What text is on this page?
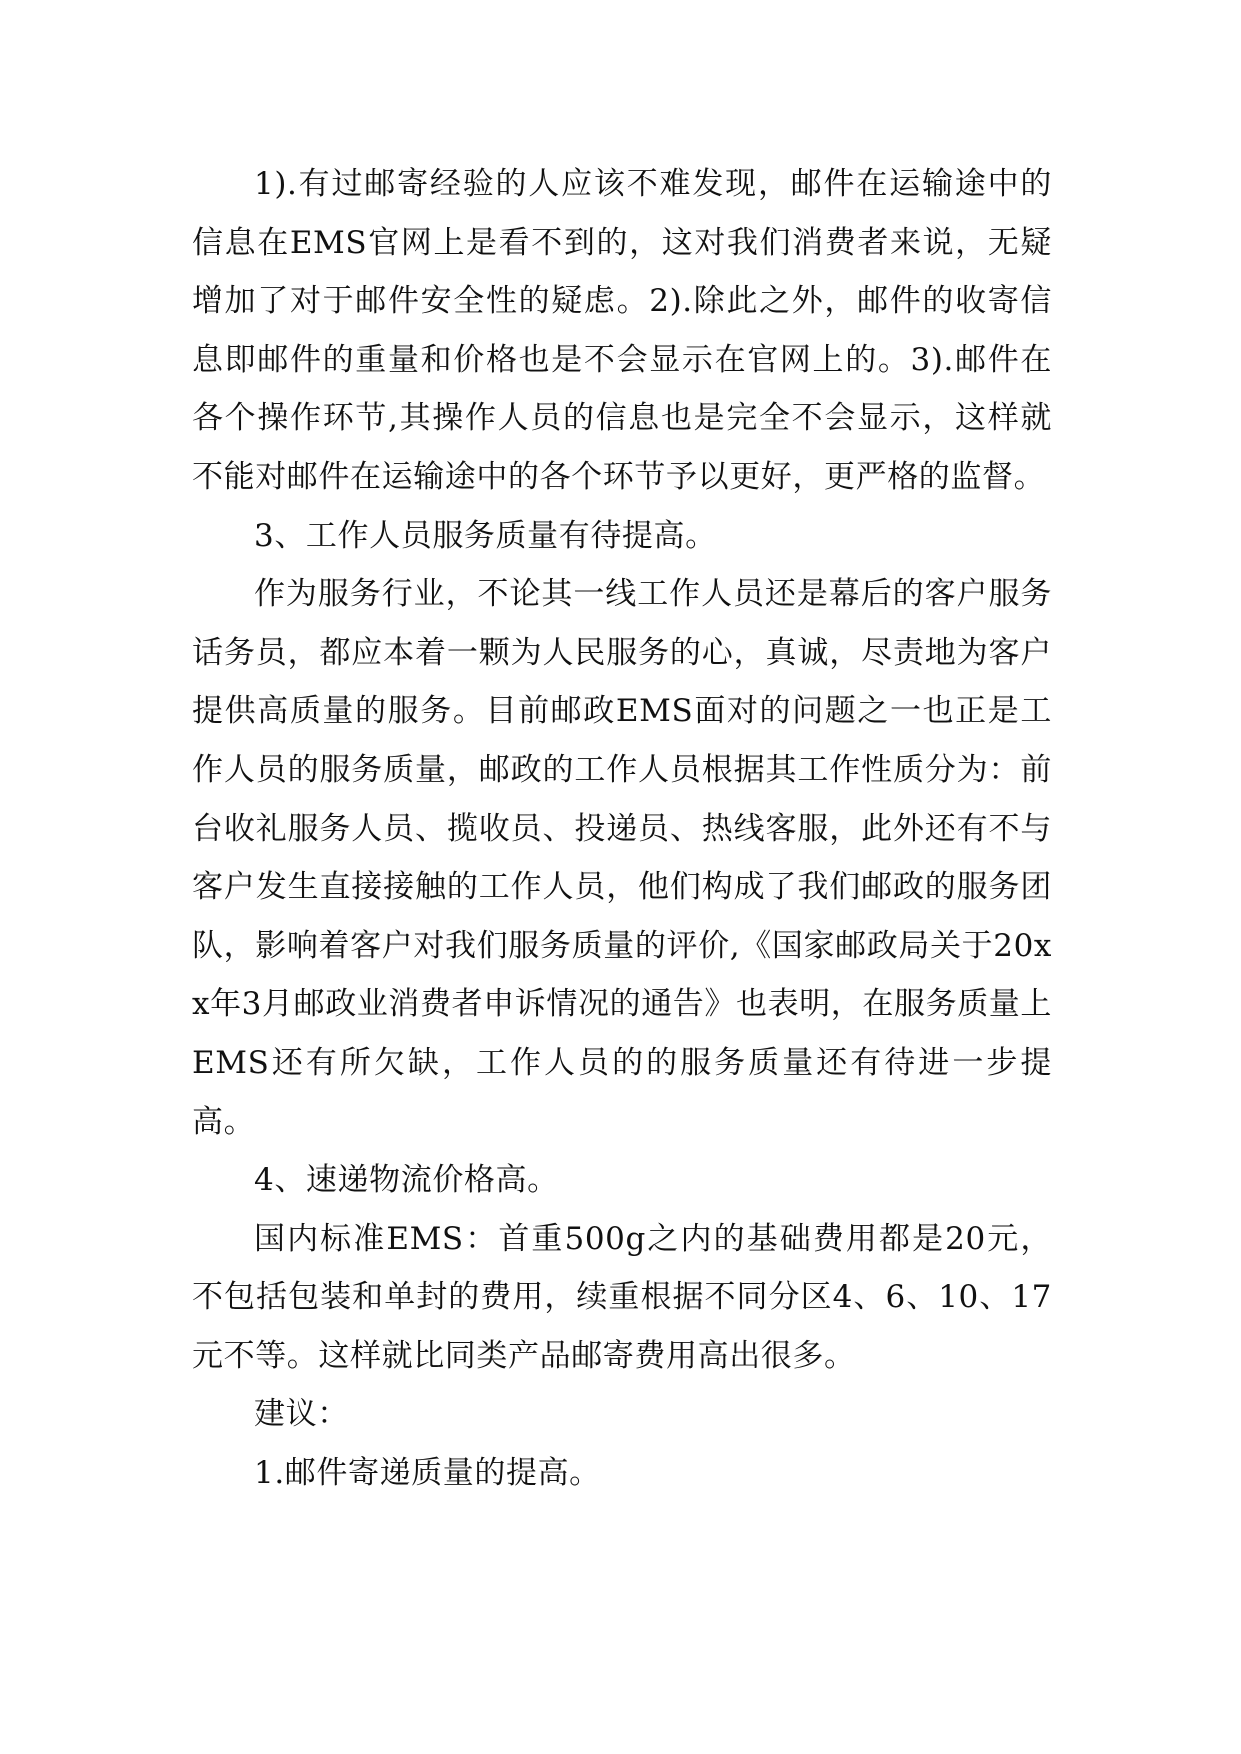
1).有过邮寄经验的人应该不难发现，邮件在运输途中的信息在EMS官网上是看不到的，这对我们消费者来说，无疑增加了对于邮件安全性的疑虑。2).除此之外，邮件的收寄信息即邮件的重量和价格也是不会显示在官网上的。3).邮件在各个操作环节,其操作人员的信息也是完全不会显示，这样就不能对邮件在运输途中的各个环节予以更好，更严格的监督。

3、工作人员服务质量有待提高。

作为服务行业，不论其一线工作人员还是幕后的客户服务话务员，都应本着一颗为人民服务的心，真诚，尽责地为客户提供高质量的服务。目前邮政EMS面对的问题之一也正是工作人员的服务质量，邮政的工作人员根据其工作性质分为：前台收礼服务人员、揽收员、投递员、热线客服，此外还有不与客户发生直接接触的工作人员，他们构成了我们邮政的服务团队，影响着客户对我们服务质量的评价,《国家邮政局关于20xx年3月邮政业消费者申诉情况的通告》也表明，在服务质量上EMS还有所欠缺，工作人员的的服务质量还有待进一步提高。

4、速递物流价格高。

国内标准EMS：首重500g之内的基础费用都是20元，不包括包装和单封的费用，续重根据不同分区4、6、10、17元不等。这样就比同类产品邮寄费用高出很多。

建议：

1.邮件寄递质量的提高。
